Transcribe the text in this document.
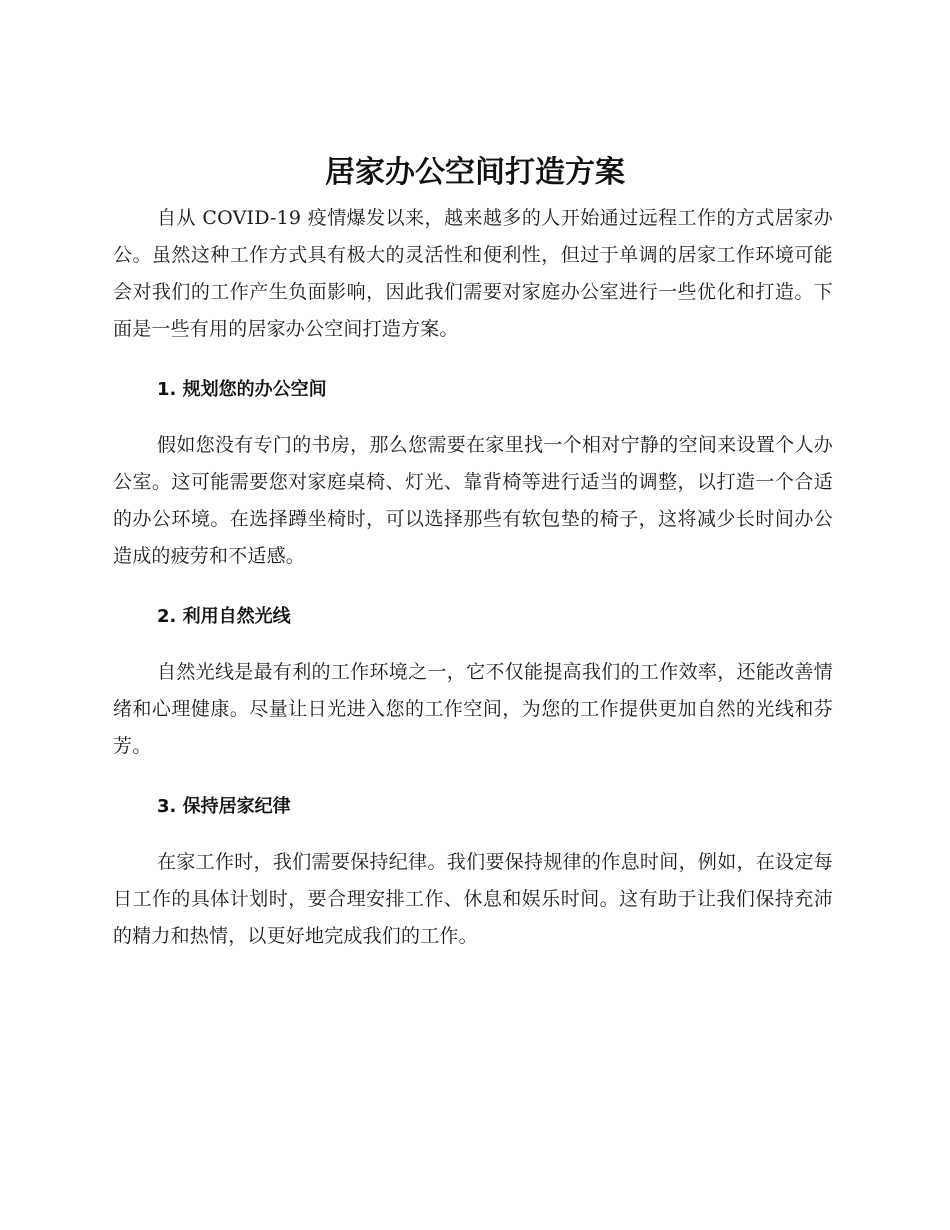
居家办公空间打造方案

自从 COVID-19 疫情爆发以来，越来越多的人开始通过远程工作的方式居家办公。虽然这种工作方式具有极大的灵活性和便利性，但过于单调的居家工作环境可能会对我们的工作产生负面影响，因此我们需要对家庭办公室进行一些优化和打造。下面是一些有用的居家办公空间打造方案。

1. 规划您的办公空间

假如您没有专门的书房，那么您需要在家里找一个相对宁静的空间来设置个人办公室。这可能需要您对家庭桌椅、灯光、靠背椅等进行适当的调整，以打造一个合适的办公环境。在选择蹲坐椅时，可以选择那些有软包垫的椅子，这将减少长时间办公造成的疲劳和不适感。

2. 利用自然光线

自然光线是最有利的工作环境之一，它不仅能提高我们的工作效率，还能改善情绪和心理健康。尽量让日光进入您的工作空间，为您的工作提供更加自然的光线和芬芳。

3. 保持居家纪律

在家工作时，我们需要保持纪律。我们要保持规律的作息时间，例如，在设定每日工作的具体计划时，要合理安排工作、休息和娱乐时间。这有助于让我们保持充沛的精力和热情，以更好地完成我们的工作。
